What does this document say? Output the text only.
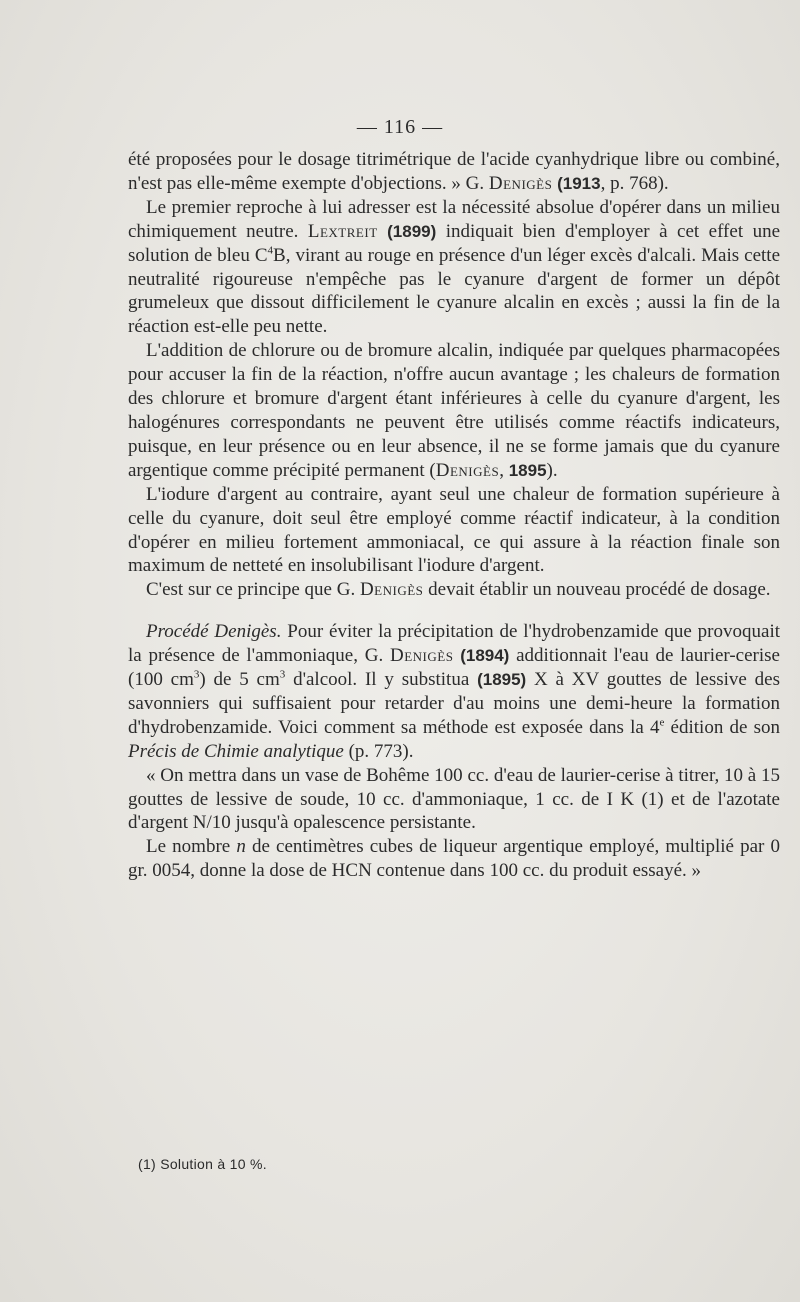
— 116 —

été proposées pour le dosage titrimétrique de l'acide cyanhydrique libre ou combiné, n'est pas elle-même exempte d'objections. » G. Denigès (1913, p. 768).

Le premier reproche à lui adresser est la nécessité absolue d'opérer dans un milieu chimiquement neutre. Lextreit (1899) indiquait bien d'employer à cet effet une solution de bleu $C^4B$, virant au rouge en présence d'un léger excès d'alcali. Mais cette neutralité rigoureuse n'empêche pas le cyanure d'argent de former un dépôt grumeleux que dissout difficilement le cyanure alcalin en excès ; aussi la fin de la réaction est-elle peu nette.

L'addition de chlorure ou de bromure alcalin, indiquée par quelques pharmacopées pour accuser la fin de la réaction, n'offre aucun avantage ; les chaleurs de formation des chlorure et bromure d'argent étant inférieures à celle du cyanure d'argent, les halogénures correspondants ne peuvent être utilisés comme réactifs indicateurs, puisque, en leur présence ou en leur absence, il ne se forme jamais que du cyanure argentique comme précipité permanent (Denigès, 1895).

L'iodure d'argent au contraire, ayant seul une chaleur de formation supérieure à celle du cyanure, doit seul être employé comme réactif indicateur, à la condition d'opérer en milieu fortement ammoniacal, ce qui assure à la réaction finale son maximum de netteté en insolubilisant l'iodure d'argent.

C'est sur ce principe que G. Denigès devait établir un nouveau procédé de dosage.

Procédé Denigès. Pour éviter la précipitation de l'hydrobenzamide que provoquait la présence de l'ammoniaque, G. Denigès (1894) additionnait l'eau de laurier-cerise (100 $cm^3$) de 5 $cm^3$ d'alcool. Il y substitua (1895) X à XV gouttes de lessive des savonniers qui suffisaient pour retarder d'au moins une demi-heure la formation d'hydrobenzamide. Voici comment sa méthode est exposée dans la 4e édition de son Précis de Chimie analytique (p. 773).

« On mettra dans un vase de Bohême 100 cc. d'eau de laurier-cerise à titrer, 10 à 15 gouttes de lessive de soude, 10 cc. d'ammoniaque, 1 cc. de I K (1) et de l'azotate d'argent N/10 jusqu'à opalescence persistante.

Le nombre n de centimètres cubes de liqueur argentique employé, multiplié par 0 gr. 0054, donne la dose de HCN contenue dans 100 cc. du produit essayé. »

(1) Solution à 10 %.
